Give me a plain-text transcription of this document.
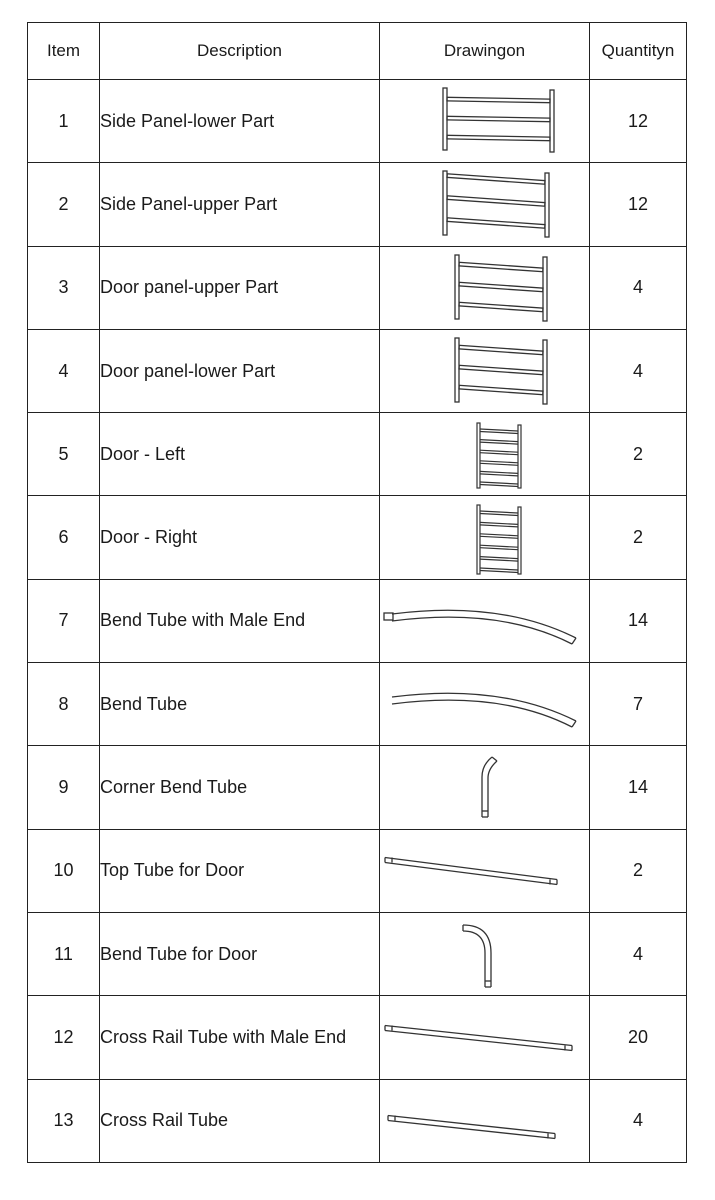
Item	Description	Drawingon	Quantityn
1	Side Panel-lower Part		12
2	Side Panel-upper Part		12
3	Door panel-upper Part		4
4	Door panel-lower Part		4
5	Door - Left		2
6	Door - Right		2
7	Bend Tube with Male End		14
8	Bend Tube		7
9	Corner Bend Tube		14
10	Top Tube for Door		2
11	Bend Tube for Door		4
12	Cross Rail Tube with Male End		20
13	Cross Rail Tube		4
